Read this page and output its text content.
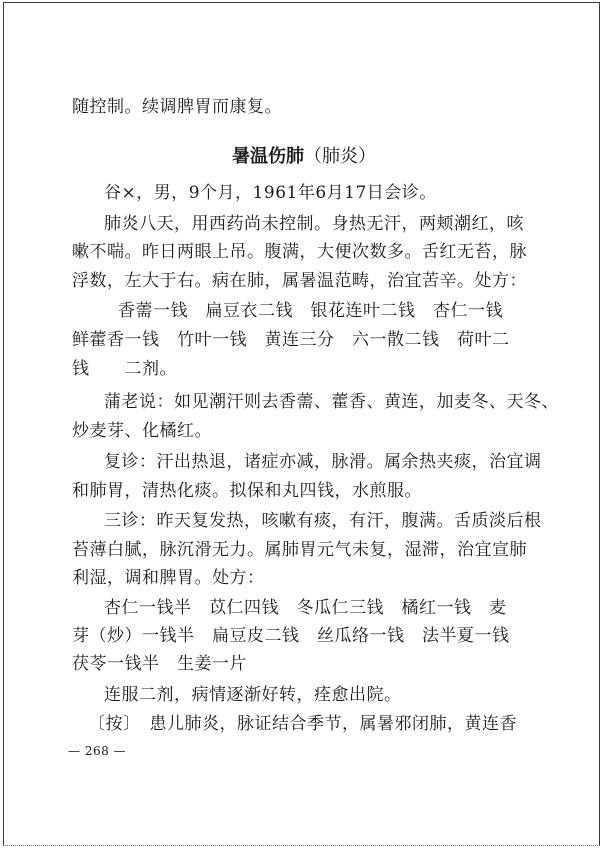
暑温伤肺（肺炎）
随控制。续调脾胃而康复。
谷×，男，9个月，1961年6月17日会诊。
肺炎八天，用西药尚未控制。身热无汗，两颊潮红，咳
嗽不喘。昨日两眼上吊。腹满，大便次数多。舌红无苔，脉
浮数，左大于右。病在肺，属暑温范畴，治宜苦辛。处方：
香薷一钱　扁豆衣二钱　银花连叶二钱　杏仁一钱
鲜藿香一钱　竹叶一钱　黄连三分　六一散二钱　荷叶二
钱　　二剂。
蒲老说：如见潮汗则去香薷、藿香、黄连，加麦冬、天冬、
炒麦芽、化橘红。
复诊：汗出热退，诸症亦减，脉滑。属余热夹痰，治宜调
和肺胃，清热化痰。拟保和丸四钱，水煎服。
三诊：昨天复发热，咳嗽有痰，有汗，腹满。舌质淡后根
苔薄白腻，脉沉滑无力。属肺胃元气未复，湿滞，治宜宣肺
利湿，调和脾胃。处方：
杏仁一钱半　苡仁四钱　冬瓜仁三钱　橘红一钱　麦
芽（炒）一钱半　扁豆皮二钱　丝瓜络一钱　法半夏一钱
茯苓一钱半　生姜一片
连服二剂，病情逐渐好转，痊愈出院。
〔按〕　患儿肺炎，脉证结合季节，属暑邪闭肺，黄连香
— 268 —
